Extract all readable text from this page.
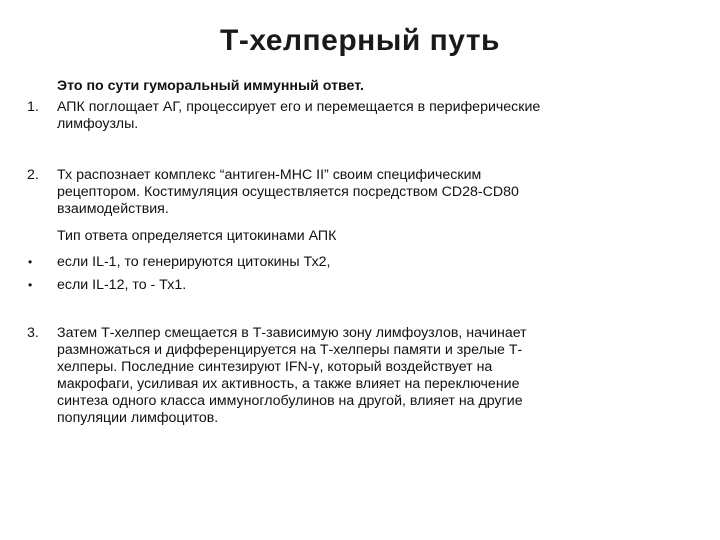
Т-хелперный путь
Это по сути гуморальный иммунный ответ.
1. АПК поглощает АГ, процессирует его и перемещается в периферические
лимфоузлы.
2. Тх распознает комплекс “антиген-MHC II” своим специфическим
рецептором. Костимуляция осуществляется посредством CD28-CD80
взаимодействия.
Тип ответа определяется цитокинами АПК
• если IL-1, то генерируются цитокины Тх2,
• если IL-12, то - Тх1.
3. Затем Т-хелпер смещается в Т-зависимую зону лимфоузлов, начинает
размножаться и дифференцируется на Т-хелперы памяти и зрелые Т-
хелперы. Последние синтезируют IFN-γ, который воздействует на
макрофаги, усиливая их активность, а также влияет на переключение
синтеза одного класса иммуноглобулинов на другой, влияет на другие
популяции лимфоцитов.
